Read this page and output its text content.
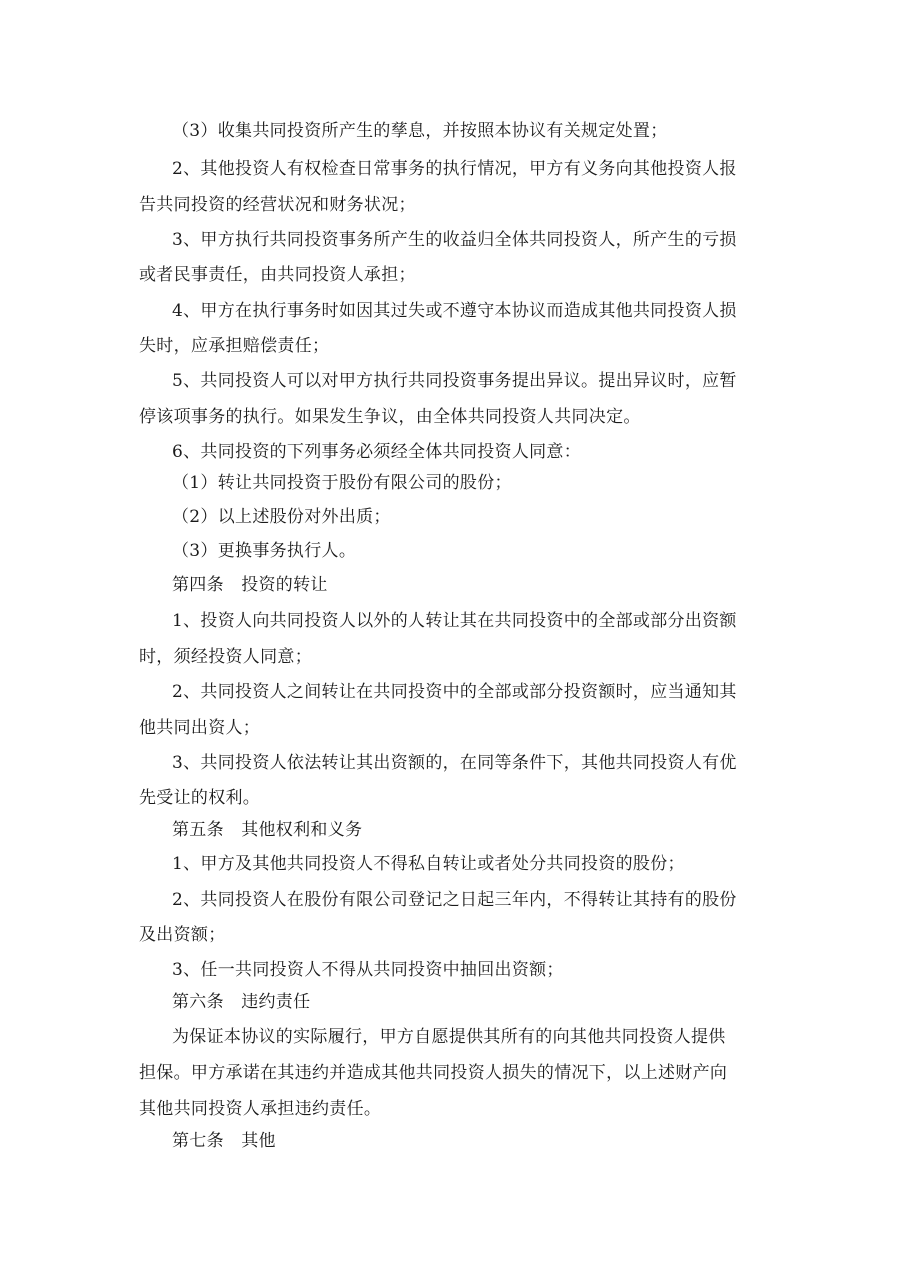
（3）收集共同投资所产生的孳息，并按照本协议有关规定处置；
2、其他投资人有权检查日常事务的执行情况，甲方有义务向其他投资人报
告共同投资的经营状况和财务状况；
3、甲方执行共同投资事务所产生的收益归全体共同投资人，所产生的亏损
或者民事责任，由共同投资人承担；
4、甲方在执行事务时如因其过失或不遵守本协议而造成其他共同投资人损
失时，应承担赔偿责任；
5、共同投资人可以对甲方执行共同投资事务提出异议。提出异议时，应暂
停该项事务的执行。如果发生争议，由全体共同投资人共同决定。
6、共同投资的下列事务必须经全体共同投资人同意：
（1）转让共同投资于股份有限公司的股份；
（2）以上述股份对外出质；
（3）更换事务执行人。
第四条　投资的转让
1、投资人向共同投资人以外的人转让其在共同投资中的全部或部分出资额
时，须经投资人同意；
2、共同投资人之间转让在共同投资中的全部或部分投资额时，应当通知其
他共同出资人；
3、共同投资人依法转让其出资额的，在同等条件下，其他共同投资人有优
先受让的权利。
第五条　其他权利和义务
1、甲方及其他共同投资人不得私自转让或者处分共同投资的股份；
2、共同投资人在股份有限公司登记之日起三年内，不得转让其持有的股份
及出资额；
3、任一共同投资人不得从共同投资中抽回出资额；
第六条　违约责任
为保证本协议的实际履行，甲方自愿提供其所有的向其他共同投资人提供
担保。甲方承诺在其违约并造成其他共同投资人损失的情况下，以上述财产向
其他共同投资人承担违约责任。
第七条　其他
